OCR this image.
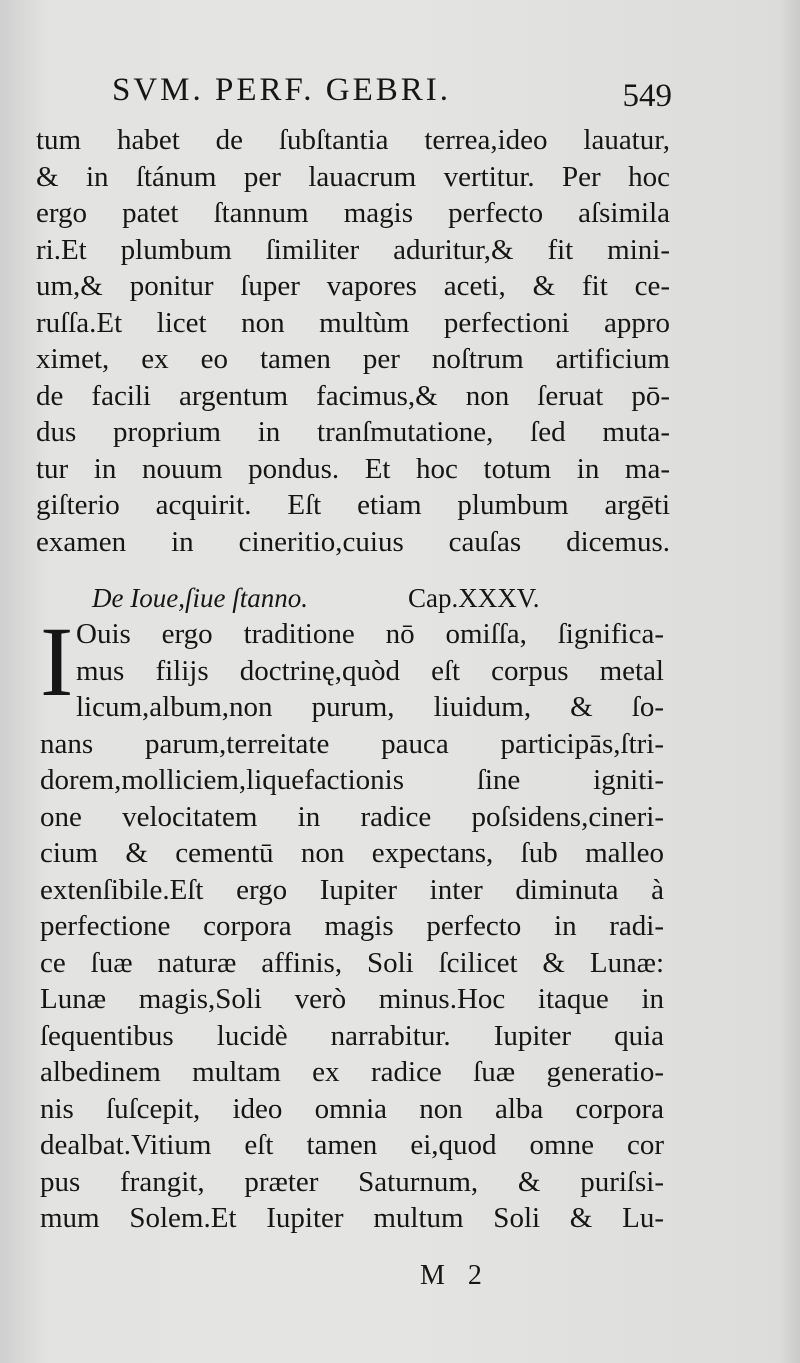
SVM. PERF. GEBRI.	549
tum habet de ſubſtantia terrea,ideo lauatur,
& in ſtánum per lauacrum vertitur. Per hoc
ergo patet ſtannum magis perfecto aſsimila
ri.Et plumbum ſimiliter aduritur,& fit mini-
um,& ponitur ſuper vapores aceti, & fit ce-
ruſſa.Et licet non multùm perfectioni appro
ximet, ex eo tamen per noſtrum artificium
de facili argentum facimus,& non ſeruat pō-
dus proprium in tranſmutatione, ſed muta-
tur in nouum pondus. Et hoc totum in ma-
giſterio acquirit. Eſt etiam plumbum argēti
examen in cineritio,cuius cauſas dicemus.
De Ioue,ſiue ſtanno.	Cap.XXXV.
I Ouis ergo traditione nō omiſſa, ſignifica-
mus filijs doctrinę,quòd eſt corpus metal
licum,album,non purum, liuidum, & ſo-
nans parum,terreitate pauca participās,ſtri-
dorem,molliciem,liquefactionis ſine igniti-
one velocitatem in radice poſsidens,cineri-
cium & cementū non expectans, ſub malleo
extenſibile.Eſt ergo Iupiter inter diminuta à
perfectione corpora magis perfecto in radi-
ce ſuæ naturæ affinis, Soli ſcilicet & Lunæ:
Lunæ magis,Soli verò minus.Hoc itaque in
ſequentibus lucidè narrabitur. Iupiter quia
albedinem multam ex radice ſuæ generatio-
nis ſuſcepit, ideo omnia non alba corpora
dealbat.Vitium eſt tamen ei,quod omne cor
pus frangit, præter Saturnum, & puriſsi-
mum Solem.Et Iupiter multum Soli & Lu-
M 2
